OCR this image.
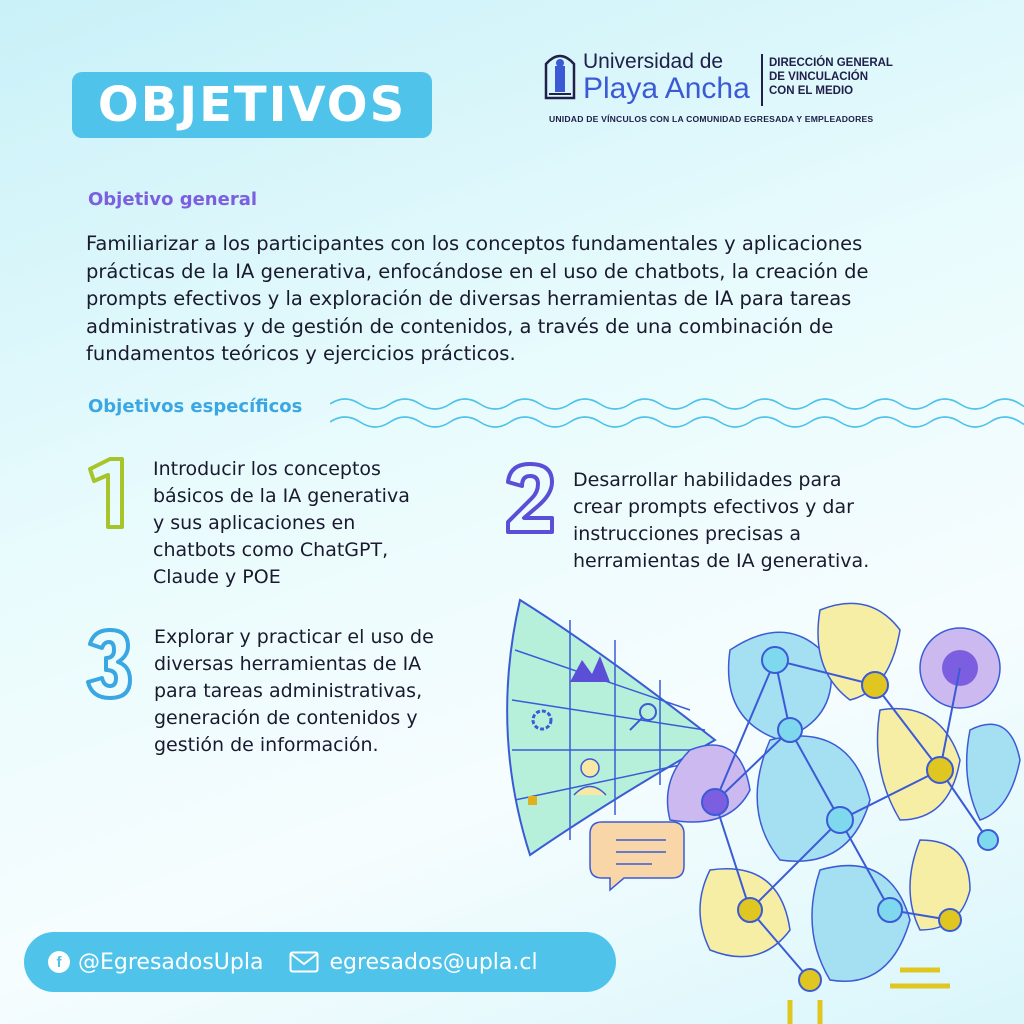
OBJETIVOS
Universidad de
Playa Ancha
DIRECCIÓN GENERAL
DE VINCULACIÓN
CON EL MEDIO
UNIDAD DE VÍNCULOS CON LA COMUNIDAD EGRESADA Y EMPLEADORES
Objetivo general
Familiarizar a los participantes con los conceptos fundamentales y aplicaciones prácticas de la IA generativa, enfocándose en el uso de chatbots, la creación de prompts efectivos y la exploración de diversas herramientas de IA para tareas administrativas y de gestión de contenidos, a través de una combinación de fundamentos teóricos y ejercicios prácticos.
Objetivos específicos
Introducir los conceptos
básicos de la IA generativa
y sus aplicaciones en
chatbots como ChatGPT,
Claude y POE
Desarrollar habilidades para
crear prompts efectivos y dar
instrucciones precisas a
herramientas de IA generativa.
Explorar y practicar el uso de
diversas herramientas de IA
para tareas administrativas,
generación de contenidos y
gestión de información.
f @EgresadosUpla	egresados@upla.cl
